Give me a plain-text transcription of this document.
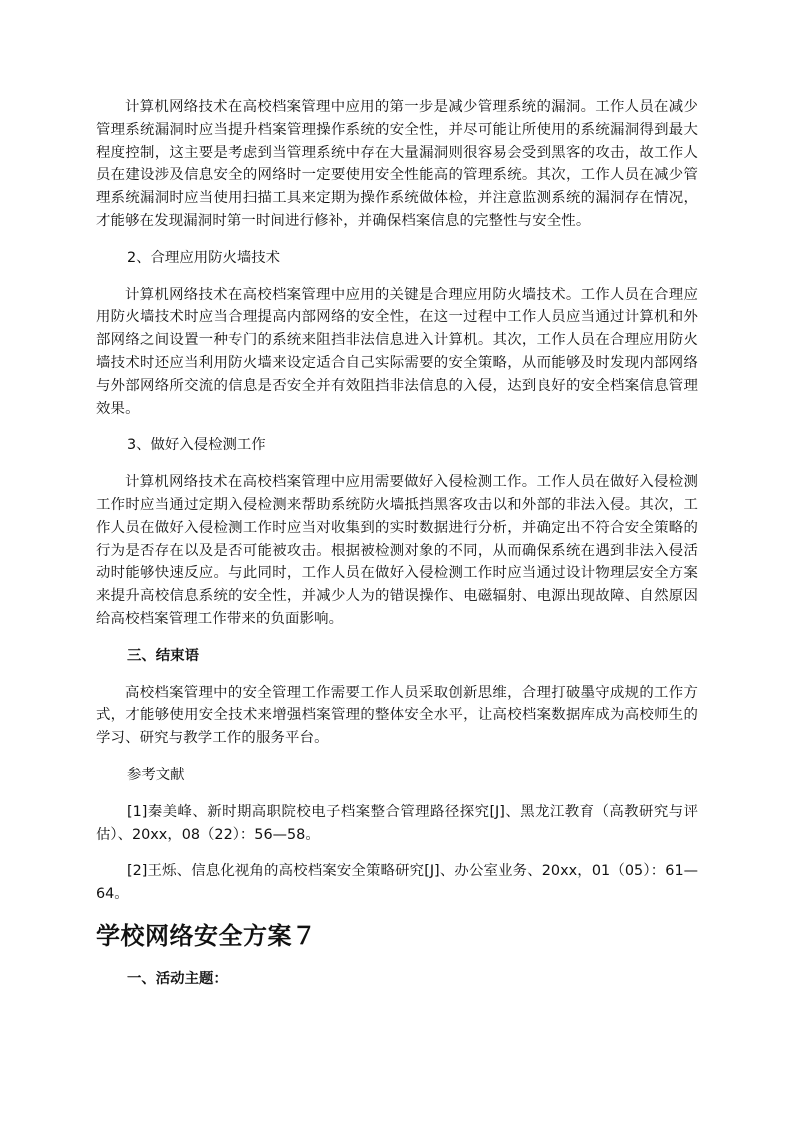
计算机网络技术在高校档案管理中应用的第一步是减少管理系统的漏洞。工作人员在减少管理系统漏洞时应当提升档案管理操作系统的安全性，并尽可能让所使用的系统漏洞得到最大程度控制，这主要是考虑到当管理系统中存在大量漏洞则很容易会受到黑客的攻击，故工作人员在建设涉及信息安全的网络时一定要使用安全性能高的管理系统。其次，工作人员在减少管理系统漏洞时应当使用扫描工具来定期为操作系统做体检，并注意监测系统的漏洞存在情况，才能够在发现漏洞时第一时间进行修补，并确保档案信息的完整性与安全性。

2、合理应用防火墙技术

计算机网络技术在高校档案管理中应用的关键是合理应用防火墙技术。工作人员在合理应用防火墙技术时应当合理提高内部网络的安全性，在这一过程中工作人员应当通过计算机和外部网络之间设置一种专门的系统来阻挡非法信息进入计算机。其次，工作人员在合理应用防火墙技术时还应当利用防火墙来设定适合自己实际需要的安全策略，从而能够及时发现内部网络与外部网络所交流的信息是否安全并有效阻挡非法信息的入侵，达到良好的安全档案信息管理效果。

3、做好入侵检测工作

计算机网络技术在高校档案管理中应用需要做好入侵检测工作。工作人员在做好入侵检测工作时应当通过定期入侵检测来帮助系统防火墙抵挡黑客攻击以和外部的非法入侵。其次，工作人员在做好入侵检测工作时应当对收集到的实时数据进行分析，并确定出不符合安全策略的行为是否存在以及是否可能被攻击。根据被检测对象的不同，从而确保系统在遇到非法入侵活动时能够快速反应。与此同时，工作人员在做好入侵检测工作时应当通过设计物理层安全方案来提升高校信息系统的安全性，并减少人为的错误操作、电磁辐射、电源出现故障、自然原因给高校档案管理工作带来的负面影响。

三、结束语

高校档案管理中的安全管理工作需要工作人员采取创新思维，合理打破墨守成规的工作方式，才能够使用安全技术来增强档案管理的整体安全水平，让高校档案数据库成为高校师生的学习、研究与教学工作的服务平台。

参考文献

[1]秦美峰、新时期高职院校电子档案整合管理路径探究[J]、黑龙江教育（高教研究与评估）、20xx，08（22）：56—58。

[2]王烁、信息化视角的高校档案安全策略研究[J]、办公室业务、20xx，01（05）：61—64。

学校网络安全方案７

一、活动主题：
